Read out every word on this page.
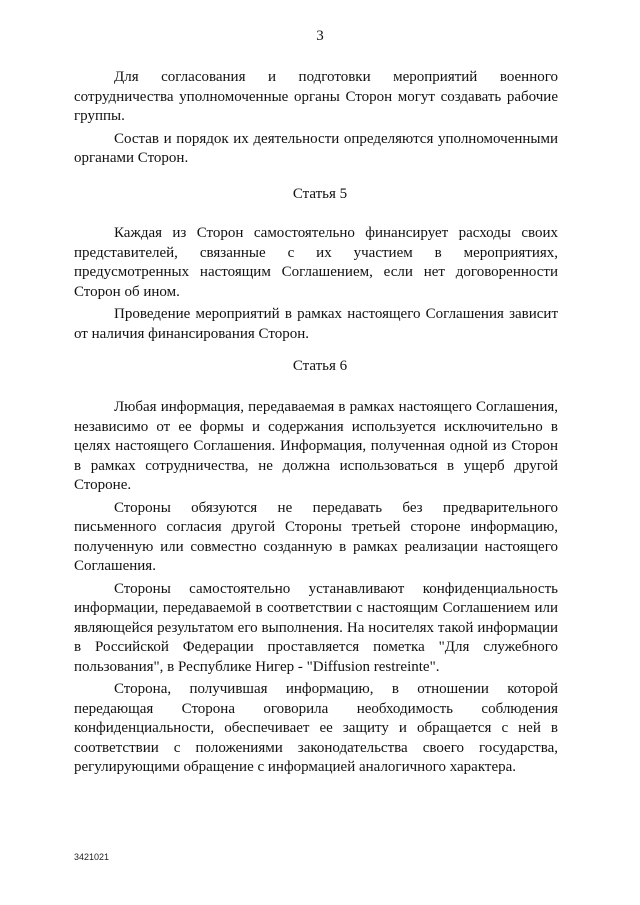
3

Для согласования и подготовки мероприятий военного сотрудничества уполномоченные органы Сторон могут создавать рабочие группы.

Состав и порядок их деятельности определяются уполномоченными органами Сторон.

Статья 5

Каждая из Сторон самостоятельно финансирует расходы своих представителей, связанные с их участием в мероприятиях, предусмотренных настоящим Соглашением, если нет договоренности Сторон об ином.

Проведение мероприятий в рамках настоящего Соглашения зависит от наличия финансирования Сторон.

Статья 6

Любая информация, передаваемая в рамках настоящего Соглашения, независимо от ее формы и содержания используется исключительно в целях настоящего Соглашения. Информация, полученная одной из Сторон в рамках сотрудничества, не должна использоваться в ущерб другой Стороне.

Стороны обязуются не передавать без предварительного письменного согласия другой Стороны третьей стороне информацию, полученную или совместно созданную в рамках реализации настоящего Соглашения.

Стороны самостоятельно устанавливают конфиденциальность информации, передаваемой в соответствии с настоящим Соглашением или являющейся результатом его выполнения. На носителях такой информации в Российской Федерации проставляется пометка "Для служебного пользования", в Республике Нигер - "Diffusion restreinte".

Сторона, получившая информацию, в отношении которой передающая Сторона оговорила необходимость соблюдения конфиденциальности, обеспечивает ее защиту и обращается с ней в соответствии с положениями законодательства своего государства, регулирующими обращение с информацией аналогичного характера.

3421021
